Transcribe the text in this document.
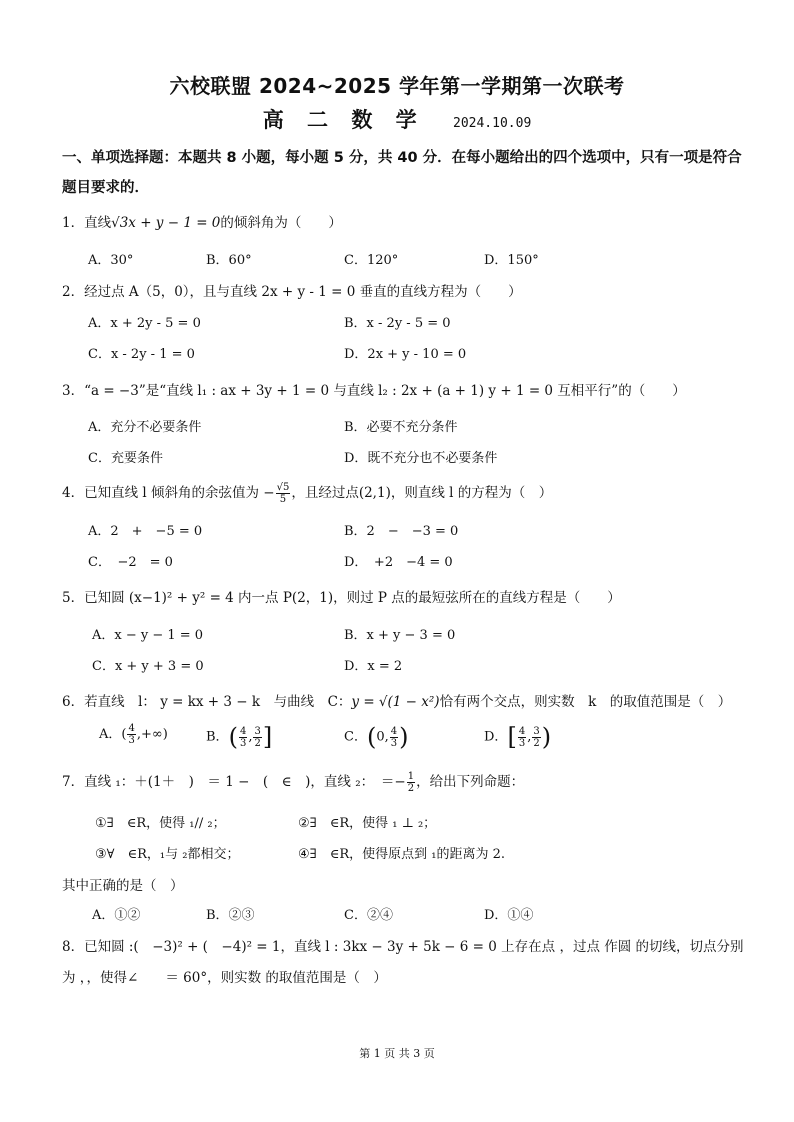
六校联盟 2024~2025 学年第一学期第一次联考
高 二 数 学 2024.10.09
一、单项选择题：本题共 8 小题，每小题 5 分，共 40 分．在每小题给出的四个选项中，只有一项是符合题目要求的．
1．直线√3x + y − 1 = 0的倾斜角为（　　）
A．30°	B．60°	C．120°	D．150°
2．经过点 A（5，0），且与直线 2x + y - 1 = 0 垂直的直线方程为（　　）
A．x + 2y - 5 = 0	B．x - 2y - 5 = 0
C．x - 2y - 1 = 0	D．2x + y - 10 = 0
3．“a = −3”是“直线 l₁ : ax + 3y + 1 = 0 与直线 l₂ : 2x + (a + 1) y + 1 = 0 互相平行”的（　　）
A．充分不必要条件	B．必要不充分条件
C．充要条件	D．既不充分也不必要条件
4．已知直线 l 倾斜角的余弦值为 − $\frac{√5}{5}$ ，且经过点(2,1)，则直线 l 的方程为（　）
A．2　+　−5 = 0	B．2　−　−3 = 0
C．　−2　= 0	D．　+2　−4 = 0
5．已知圆 (x−1)² + y² = 4 内一点 P(2，1)，则过 P 点的最短弦所在的直线方程是（　　）
A．x − y − 1 = 0	B．x + y − 3 = 0
C．x + y + 3 = 0	D．x = 2
6．若直线　l： y = kx + 3 − k　与曲线　C：y = √(1 − x²)恰有两个交点，则实数　k　的取值范围是（　）
A．( $\frac{4}{3}$ ,+∞)	B．( $\frac{4}{3}$ , $\frac{3}{2}$ ]	C．(0, $\frac{4}{3}$ )	D．[ $\frac{4}{3}$ , $\frac{3}{2}$ )
7．直线 ₁：＋(1＋　)　＝ 1 −　(　∈　)，直线 ₂：　＝− $\frac{1}{2}$ ，给出下列命题：
①∃　∈R，使得 ₁// ₂；	②∃　∈R，使得 ₁ ⊥ ₂；
③∀　∈R，₁与 ₂都相交；	④∃　∈R，使得原点到 ₁的距离为 2.
其中正确的是（　）
A．①②	B．②③	C．②④	D．①④
8．已知圆 :(　−3)² + (　−4)² = 1，直线 l : 3kx − 3y + 5k − 6 = 0 上存在点 ，过点 作圆 的切线，切点分别
为 ，，使得∠　　＝ 60°，则实数 的取值范围是（　）
第 1 页 共 3 页
